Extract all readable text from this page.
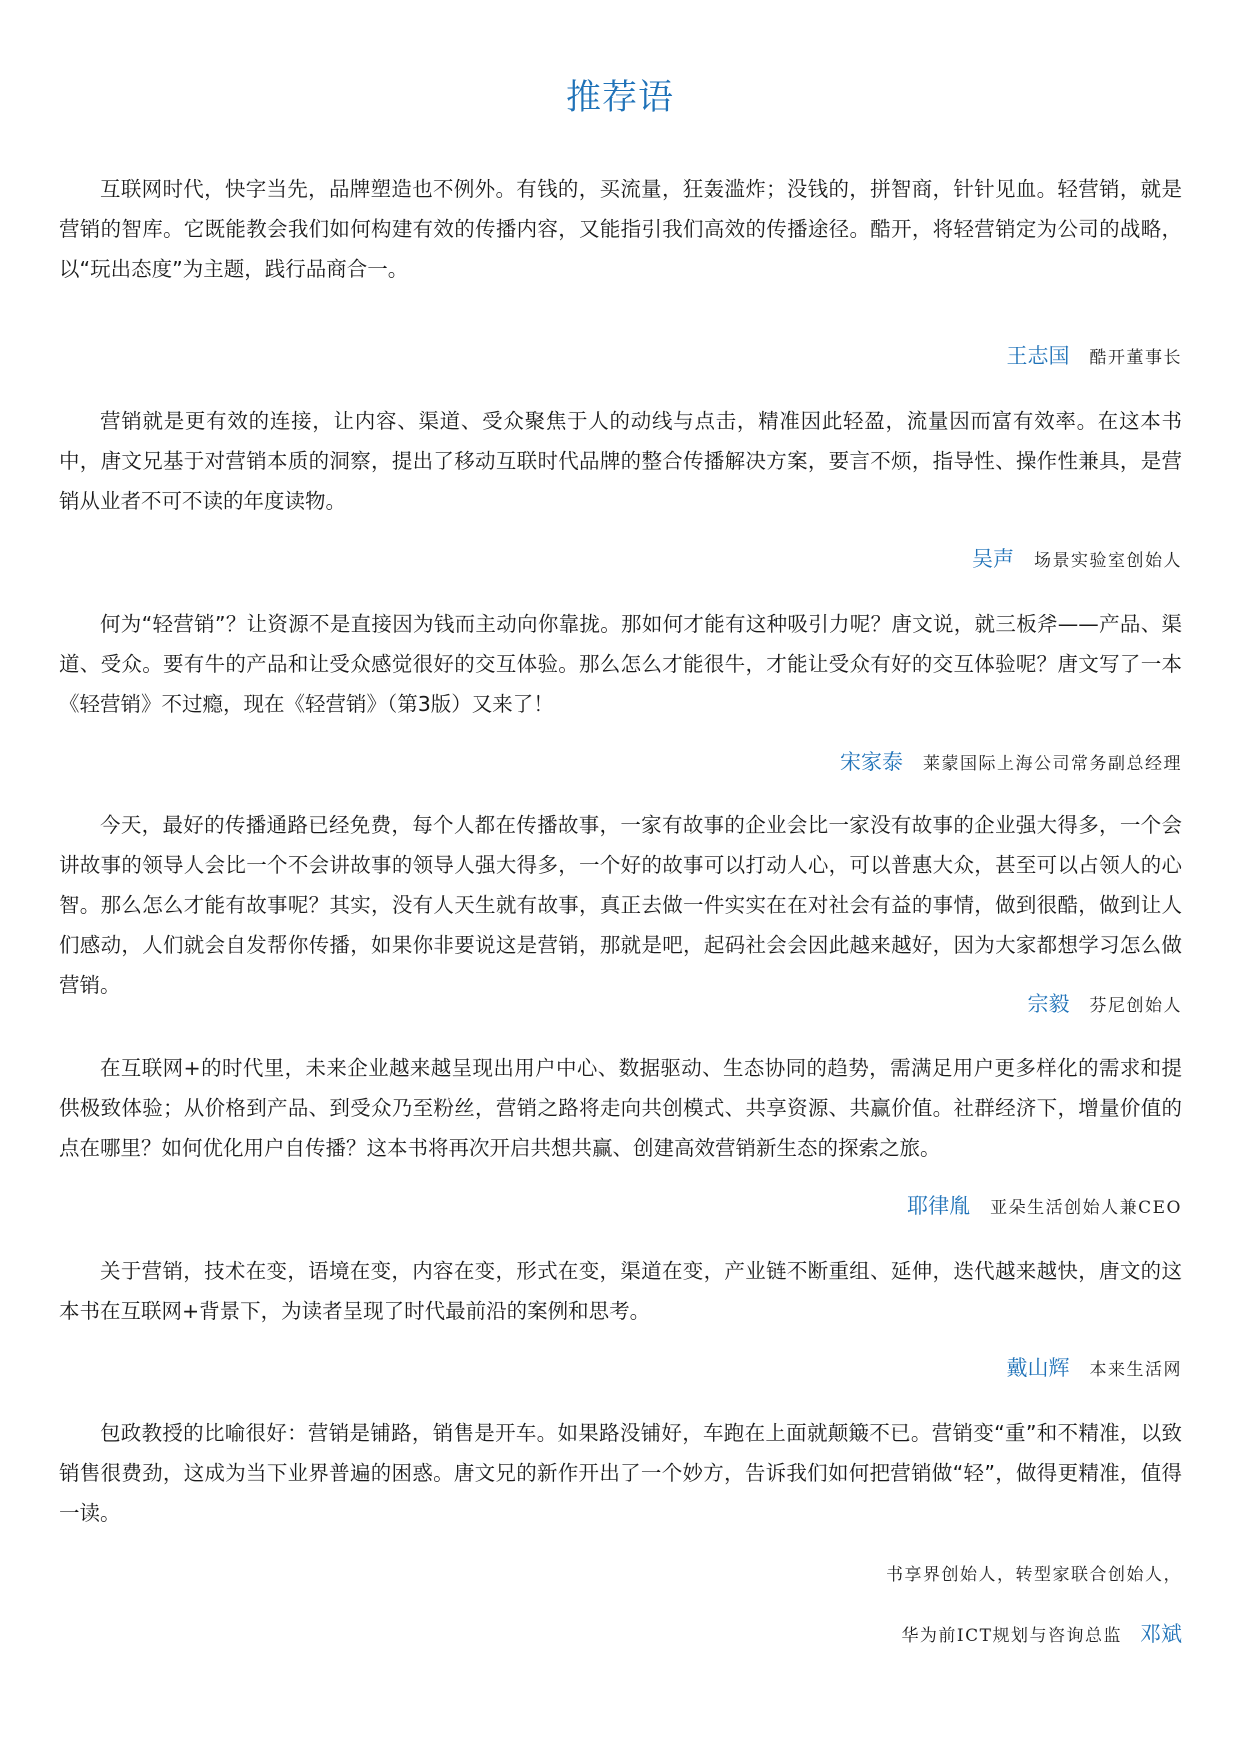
推荐语

互联网时代，快字当先，品牌塑造也不例外。有钱的，买流量，狂轰滥炸；没钱的，拼智商，针针见血。轻营销，就是营销的智库。它既能教会我们如何构建有效的传播内容，又能指引我们高效的传播途径。酷开，将轻营销定为公司的战略，以“玩出态度”为主题，践行品商合一。

王志国 酷开董事长

营销就是更有效的连接，让内容、渠道、受众聚焦于人的动线与点击，精准因此轻盈，流量因而富有效率。在这本书中，唐文兄基于对营销本质的洞察，提出了移动互联时代品牌的整合传播解决方案，要言不烦，指导性、操作性兼具，是营销从业者不可不读的年度读物。

吴声 场景实验室创始人

何为“轻营销”？让资源不是直接因为钱而主动向你靠拢。那如何才能有这种吸引力呢？唐文说，就三板斧——产品、渠道、受众。要有牛的产品和让受众感觉很好的交互体验。那么怎么才能很牛，才能让受众有好的交互体验呢？唐文写了一本《轻营销》不过瘾，现在《轻营销》（第3版）又来了！

宋家泰 莱蒙国际上海公司常务副总经理

今天，最好的传播通路已经免费，每个人都在传播故事，一家有故事的企业会比一家没有故事的企业强大得多，一个会讲故事的领导人会比一个不会讲故事的领导人强大得多，一个好的故事可以打动人心，可以普惠大众，甚至可以占领人的心智。那么怎么才能有故事呢？其实，没有人天生就有故事，真正去做一件实实在在对社会有益的事情，做到很酷，做到让人们感动，人们就会自发帮你传播，如果你非要说这是营销，那就是吧，起码社会会因此越来越好，因为大家都想学习怎么做营销。

宗毅 芬尼创始人

在互联网+的时代里，未来企业越来越呈现出用户中心、数据驱动、生态协同的趋势，需满足用户更多样化的需求和提供极致体验；从价格到产品、到受众乃至粉丝，营销之路将走向共创模式、共享资源、共赢价值。社群经济下，增量价值的点在哪里？如何优化用户自传播？这本书将再次开启共想共赢、创建高效营销新生态的探索之旅。

耶律胤 亚朵生活创始人兼CEO

关于营销，技术在变，语境在变，内容在变，形式在变，渠道在变，产业链不断重组、延伸，迭代越来越快，唐文的这本书在互联网+背景下，为读者呈现了时代最前沿的案例和思考。

戴山辉 本来生活网

包政教授的比喻很好：营销是铺路，销售是开车。如果路没铺好，车跑在上面就颠簸不已。营销变“重”和不精准，以致销售很费劲，这成为当下业界普遍的困惑。唐文兄的新作开出了一个妙方，告诉我们如何把营销做“轻”，做得更精准，值得一读。

书享界创始人，转型家联合创始人，
华为前ICT规划与咨询总监 邓斌
